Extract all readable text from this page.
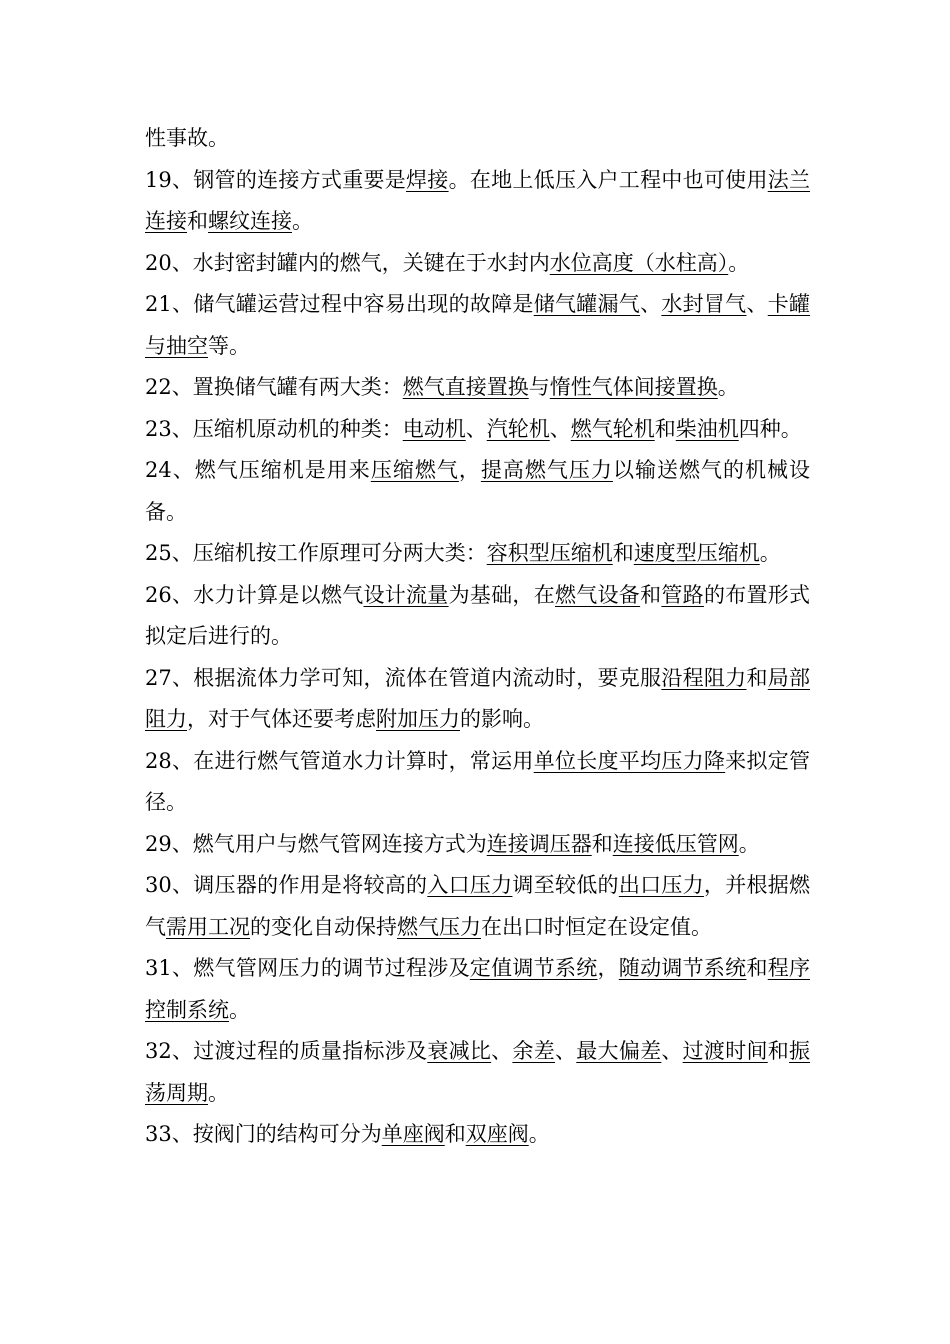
性事故。

19、钢管的连接方式重要是焊接。在地上低压入户工程中也可使用法兰连接和螺纹连接。

20、水封密封罐内的燃气，关键在于水封内水位高度（水柱高）。

21、储气罐运营过程中容易出现的故障是储气罐漏气、水封冒气、卡罐与抽空等。

22、置换储气罐有两大类：燃气直接置换与惰性气体间接置换。

23、压缩机原动机的种类：电动机、汽轮机、燃气轮机和柴油机四种。

24、燃气压缩机是用来压缩燃气，提高燃气压力以输送燃气的机械设备。

25、压缩机按工作原理可分两大类：容积型压缩机和速度型压缩机。

26、水力计算是以燃气设计流量为基础，在燃气设备和管路的布置形式拟定后进行的。

27、根据流体力学可知，流体在管道内流动时，要克服沿程阻力和局部阻力，对于气体还要考虑附加压力的影响。

28、在进行燃气管道水力计算时，常运用单位长度平均压力降来拟定管径。

29、燃气用户与燃气管网连接方式为连接调压器和连接低压管网。

30、调压器的作用是将较高的入口压力调至较低的出口压力，并根据燃气需用工况的变化自动保持燃气压力在出口时恒定在设定值。

31、燃气管网压力的调节过程涉及定值调节系统，随动调节系统和程序控制系统。

32、过渡过程的质量指标涉及衰减比、余差、最大偏差、过渡时间和振荡周期。

33、按阀门的结构可分为单座阀和双座阀。
